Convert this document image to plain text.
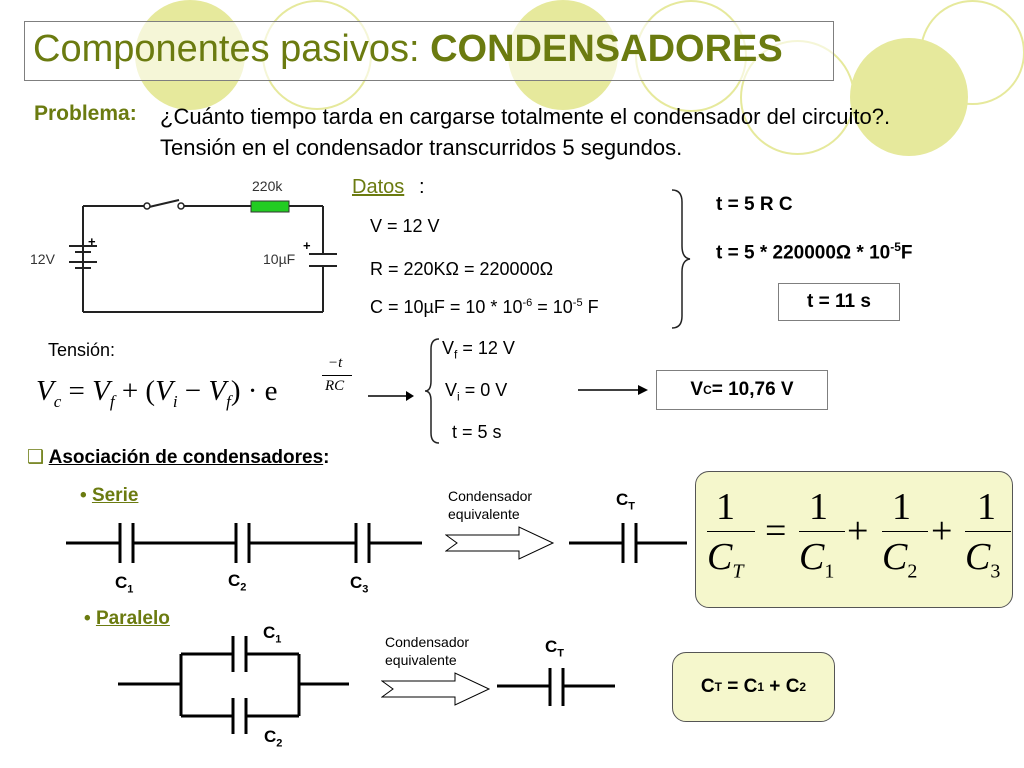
Componentes pasivos: CONDENSADORES
Problema: ¿Cuánto tiempo tarda en cargarse totalmente el condensador del circuito?.
Tensión en el condensador transcurridos 5 segundos.
220k
12V
+
10µF
+
Datos :
V = 12 V
R = 220KΩ = 220000Ω
$C = 10\mu F = 10 * 10^{-6} = 10^{-5}$ F
t = 5 R C
$t = 5 * 220000\Omega * 10^{-5}F$
t = 11 s
Tensión:
$V_c = V_f + (V_i - V_f) \cdot e$
−t
RC
$V_f = 12$ V
$V_i = 0$ V
t = 5 s
V C = 10,76 V
❑ Asociación de condensadores:
• Serie
$C_1$	$C_2$	$C_3$
Condensador
equivalente
$C_T$ 1
$C_T$
=
1
$C_1$
+
1
$C_2$
+
1
$C_3$
• Paralelo
$C_1$
$C_2$
Condensador
equivalente
$C_T$
C T = C 1 + C 2
